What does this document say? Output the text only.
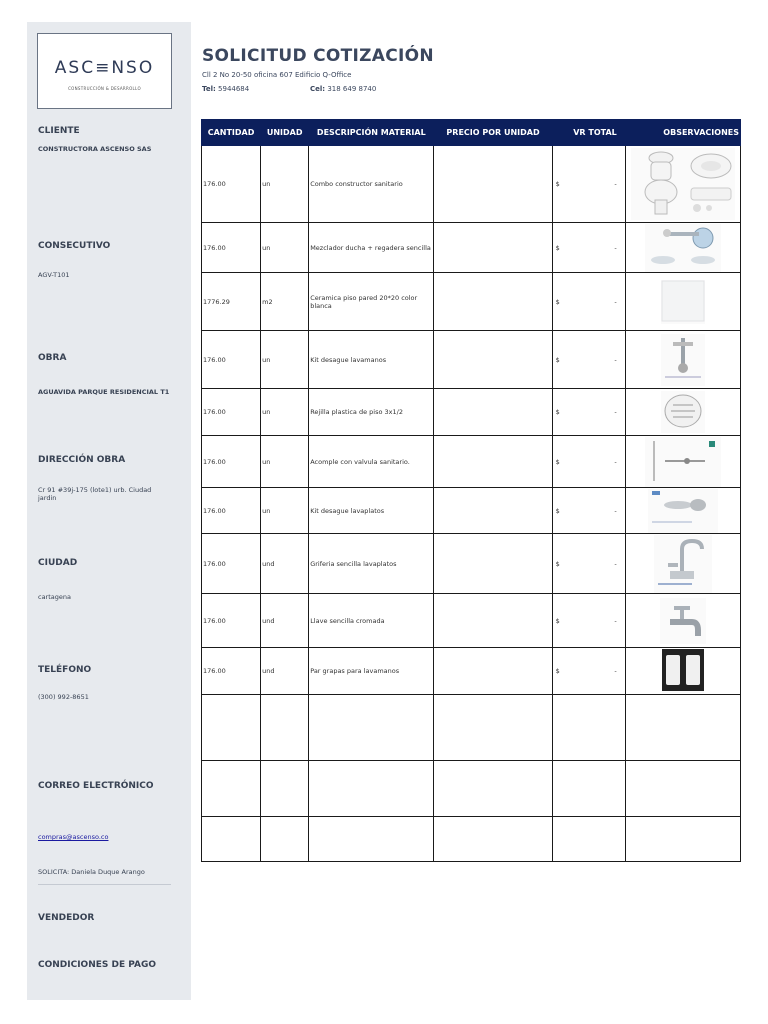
ASC≡NSO
CONSTRUCCIÓN & DESARROLLO
CLIENTE
CONSTRUCTORA ASCENSO SAS
CONSECUTIVO
AGV-T101
OBRA
AGUAVIDA PARQUE RESIDENCIAL T1
DIRECCIÓN OBRA
Cr 91 #39j-175 (lote1) urb. Ciudad jardin
CIUDAD
cartagena
TELÉFONO
(300) 992-8651
CORREO ELECTRÓNICO
compras@ascenso.co
SOLICITA: Daniela Duque Arango
VENDEDOR
CONDICIONES DE PAGO
SOLICITUD COTIZACIÓN
Cll 2 No 20-50 oficina 607 Edificio Q-Office
Tel: 5944684	Cel: 318 649 8740
CANTIDAD	UNIDAD	DESCRIPCIÓN MATERIAL	PRECIO POR UNIDAD	VR TOTAL	OBSERVACIONES
176.00	un	Combo constructor sanitario		$ -

176.00	un	Mezclador ducha + regadera sencilla		$ -

1776.29	m2	Ceramica piso pared 20*20 color blanca		$ -

176.00	un	Kit desague lavamanos		$ -

176.00	un	Rejilla plastica de piso 3x1/2		$ -

176.00	un	Acomple con valvula sanitario.		$ -

176.00	un	Kit desague lavaplatos		$ -

176.00	und	Griferia sencilla lavaplatos		$ -

176.00	und	Llave sencilla cromada		$ -

176.00	und	Par grapas para lavamanos		$ -
